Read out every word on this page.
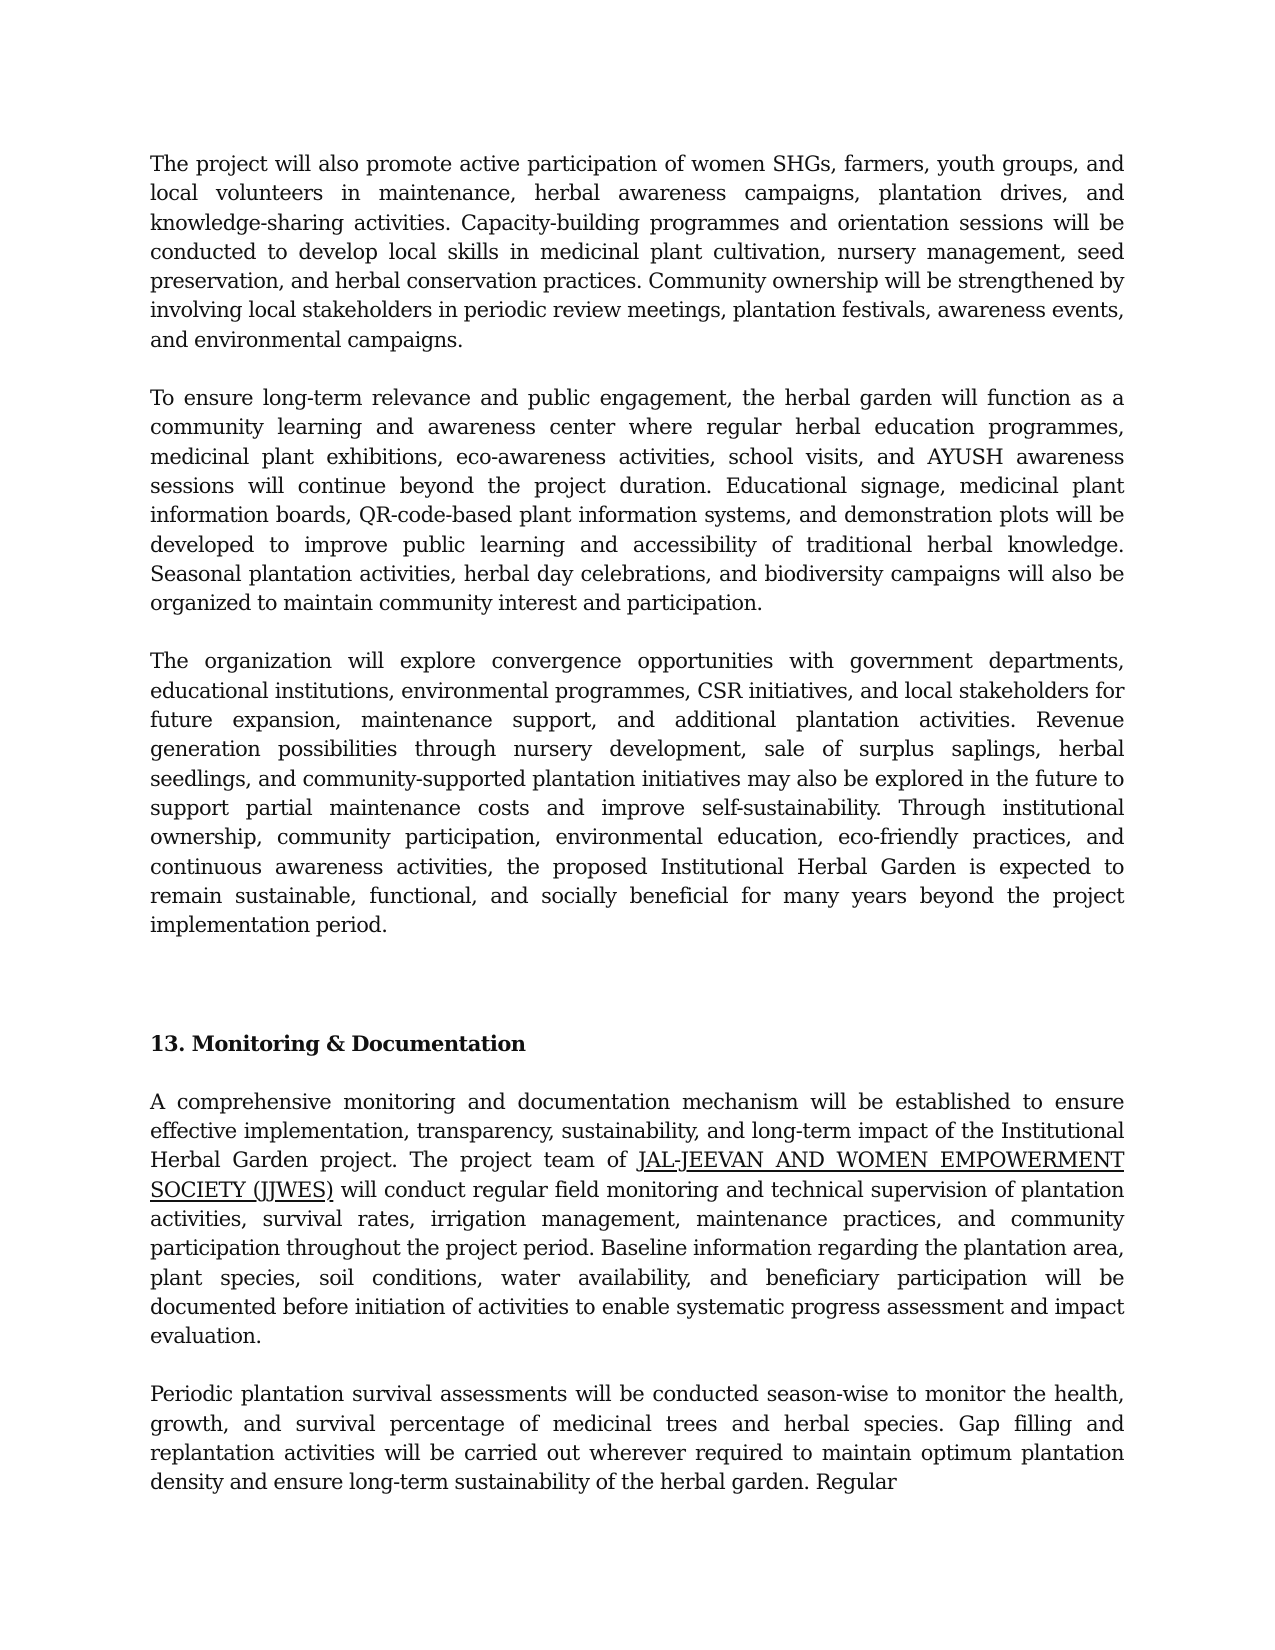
The project will also promote active participation of women SHGs, farmers, youth groups, and local volunteers in maintenance, herbal awareness campaigns, plantation drives, and knowledge-sharing activities. Capacity-building programmes and orientation sessions will be conducted to develop local skills in medicinal plant cultivation, nursery management, seed preservation, and herbal conservation practices. Community ownership will be strengthened by involving local stakeholders in periodic review meetings, plantation festivals, awareness events, and environmental campaigns.

To ensure long-term relevance and public engagement, the herbal garden will function as a community learning and awareness center where regular herbal education programmes, medicinal plant exhibitions, eco-awareness activities, school visits, and AYUSH awareness sessions will continue beyond the project duration. Educational signage, medicinal plant information boards, QR-code-based plant information systems, and demonstration plots will be developed to improve public learning and accessibility of traditional herbal knowledge. Seasonal plantation activities, herbal day celebrations, and biodiversity campaigns will also be organized to maintain community interest and participation.

The organization will explore convergence opportunities with government departments, educational institutions, environmental programmes, CSR initiatives, and local stakeholders for future expansion, maintenance support, and additional plantation activities. Revenue generation possibilities through nursery development, sale of surplus saplings, herbal seedlings, and community-supported plantation initiatives may also be explored in the future to support partial maintenance costs and improve self-sustainability. Through institutional ownership, community participation, environmental education, eco-friendly practices, and continuous awareness activities, the proposed Institutional Herbal Garden is expected to remain sustainable, functional, and socially beneficial for many years beyond the project implementation period.

13. Monitoring & Documentation

A comprehensive monitoring and documentation mechanism will be established to ensure effective implementation, transparency, sustainability, and long-term impact of the Institutional Herbal Garden project. The project team of JAL-JEEVAN AND WOMEN EMPOWERMENT SOCIETY (JJWES) will conduct regular field monitoring and technical supervision of plantation activities, survival rates, irrigation management, maintenance practices, and community participation throughout the project period. Baseline information regarding the plantation area, plant species, soil conditions, water availability, and beneficiary participation will be documented before initiation of activities to enable systematic progress assessment and impact evaluation.

Periodic plantation survival assessments will be conducted season-wise to monitor the health, growth, and survival percentage of medicinal trees and herbal species. Gap filling and replantation activities will be carried out wherever required to maintain optimum plantation density and ensure long-term sustainability of the herbal garden. Regular
